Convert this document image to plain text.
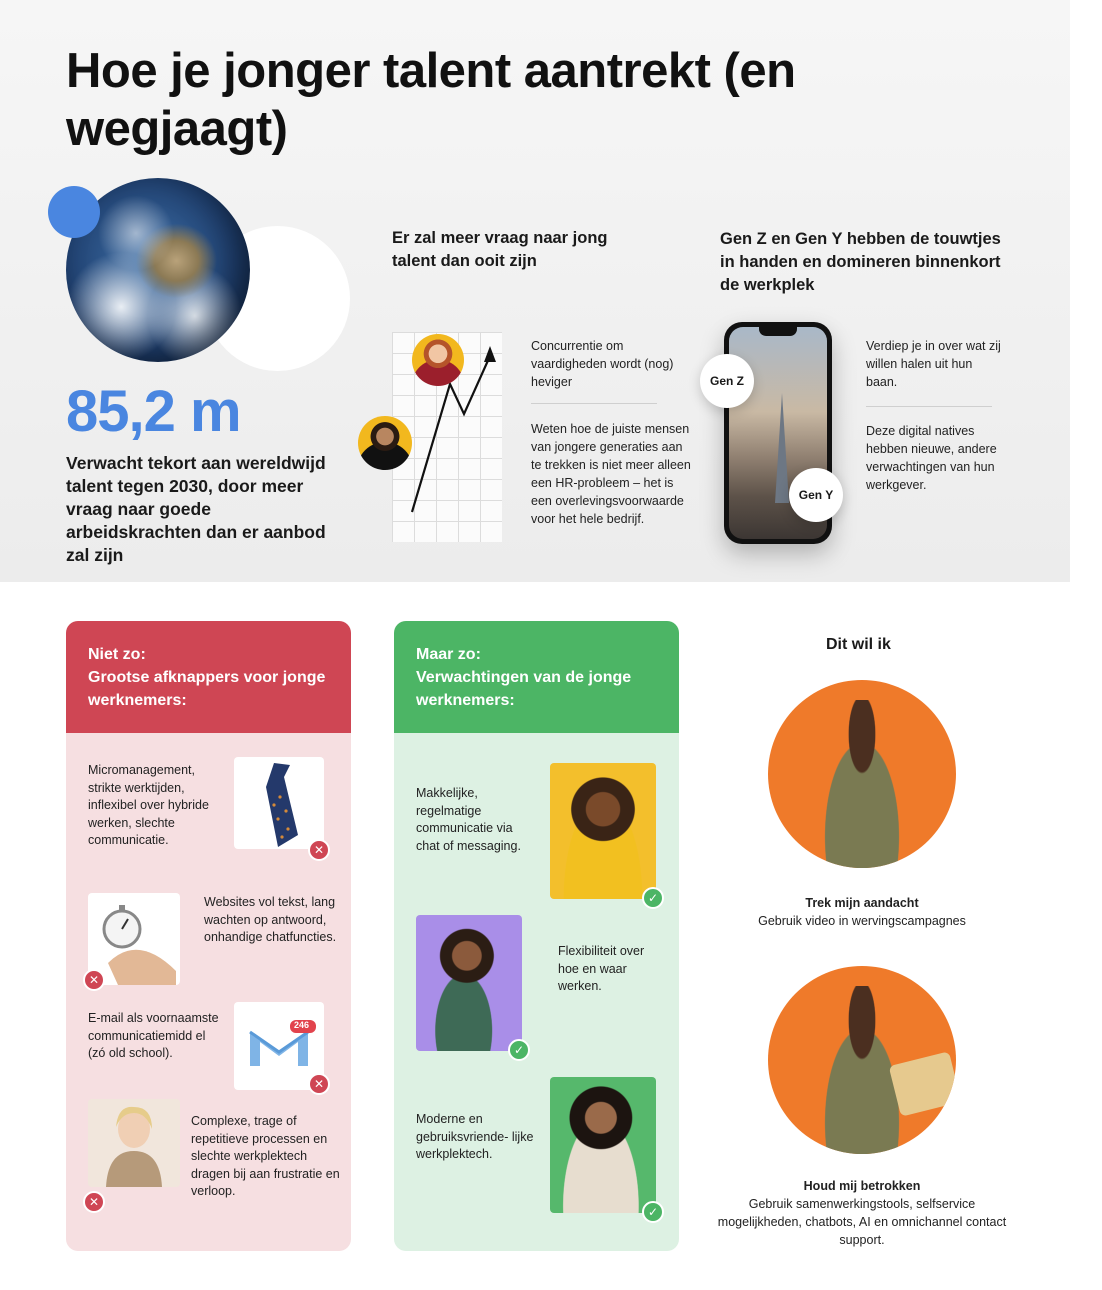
Hoe je jonger talent aantrekt (en wegjaagt)
85,2 m
Verwacht tekort aan wereldwijd talent tegen 2030, door meer vraag naar goede arbeidskrachten dan er aanbod zal zijn
Er zal meer vraag naar jong talent dan ooit zijn
Concurrentie om vaardigheden wordt (nog) heviger
Weten hoe de juiste mensen van jongere generaties aan te trekken is niet meer alleen een HR-probleem – het is een overlevingsvoorwaarde voor het hele bedrijf.
Gen Z en Gen Y hebben de touwtjes in handen en domineren binnenkort de werkplek
Gen Z
Gen Y
Verdiep je in over wat zij willen halen uit hun baan.
Deze digital natives hebben nieuwe, andere verwachtingen van hun werkgever.
Niet zo:
Grootse afknappers voor jonge werknemers:
Micromanagement, strikte werktijden, inflexibel over hybride werken, slechte communicatie.
✕
✕
Websites vol tekst, lang wachten op antwoord, onhandige chatfuncties.
E-mail als voornaamste communicatiemidd el (zó old school).
246
✕
✕
Complexe, trage of repetitieve processen en slechte werkplektech dragen bij aan frustratie en verloop.
Maar zo:
Verwachtingen van de jonge werknemers:
Makkelijke, regelmatige communicatie via chat of messaging.
✓
✓
Flexibiliteit over hoe en waar werken.
Moderne en gebruiksvriende- lijke werkplektech.
✓
Dit wil ik
Trek mijn aandacht
Gebruik video in wervingscampagnes
Houd mij betrokken
Gebruik samenwerkingstools, selfservice mogelijkheden, chatbots, AI en omnichannel contact support.
